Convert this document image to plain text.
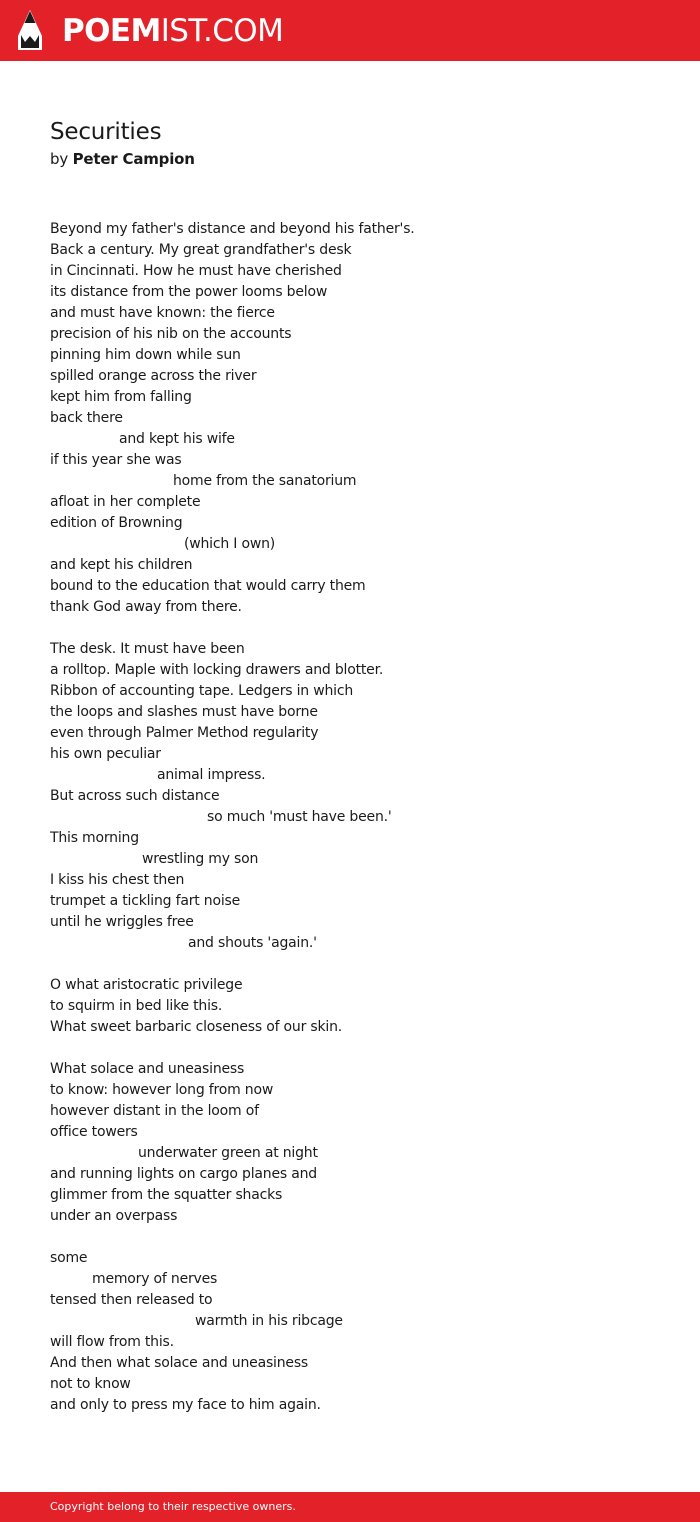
POEMIST.COM
Securities
by Peter Campion
Beyond my father's distance and beyond his father's.
Back a century. My great grandfather's desk
in Cincinnati. How he must have cherished
its distance from the power looms below
and must have known: the fierce
precision of his nib on the accounts
pinning him down while sun
spilled orange across the river
kept him from falling
back there
and kept his wife
if this year she was
home from the sanatorium
afloat in her complete
edition of Browning
(which I own)
and kept his children
bound to the education that would carry them
thank God away from there.
The desk. It must have been
a rolltop. Maple with locking drawers and blotter.
Ribbon of accounting tape. Ledgers in which
the loops and slashes must have borne
even through Palmer Method regularity
his own peculiar
animal impress.
But across such distance
so much 'must have been.'
This morning
wrestling my son
I kiss his chest then
trumpet a tickling fart noise
until he wriggles free
and shouts 'again.'
O what aristocratic privilege
to squirm in bed like this.
What sweet barbaric closeness of our skin.
What solace and uneasiness
to know: however long from now
however distant in the loom of
office towers
underwater green at night
and running lights on cargo planes and
glimmer from the squatter shacks
under an overpass
some
memory of nerves
tensed then released to
warmth in his ribcage
will flow from this.
And then what solace and uneasiness
not to know
and only to press my face to him again.
Copyright belong to their respective owners.
